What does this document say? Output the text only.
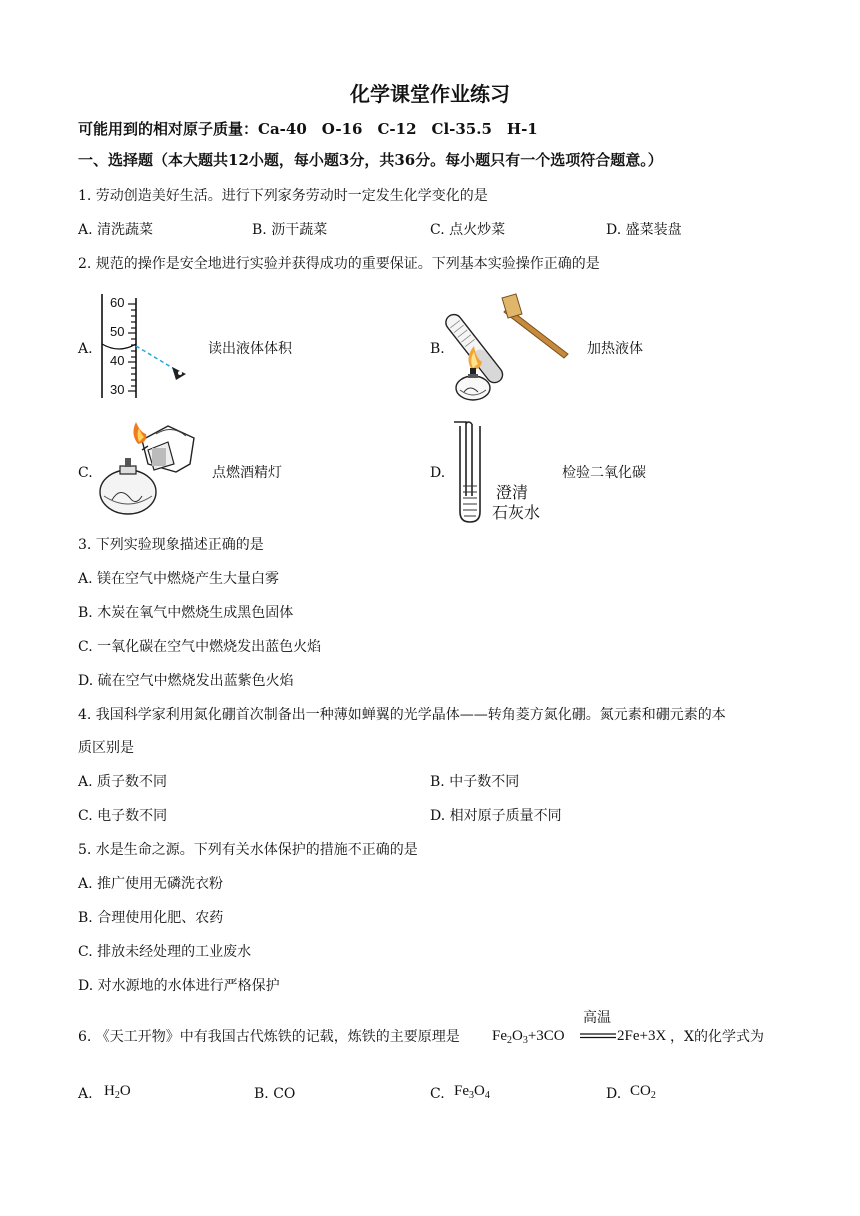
化学课堂作业练习
可能用到的相对原子质量：Ca-40　O-16　C-12　Cl-35.5　H-1
一、选择题（本大题共12小题，每小题3分，共36分。每小题只有一个选项符合题意。）
1. 劳动创造美好生活。进行下列家务劳动时一定发生化学变化的是
A. 清洗蔬菜	B. 沥干蔬菜	C. 点火炒菜	D. 盛菜装盘
2. 规范的操作是安全地进行实验并获得成功的重要保证。下列基本实验操作正确的是
A.
60
50
40
30
读出液体体积	B.	加热液体
C.	点燃酒精灯	D.
澄清
石灰水
检验二氧化碳
3. 下列实验现象描述正确的是
A. 镁在空气中燃烧产生大量白雾
B. 木炭在氧气中燃烧生成黑色固体
C. 一氧化碳在空气中燃烧发出蓝色火焰
D. 硫在空气中燃烧发出蓝紫色火焰
4. 我国科学家利用氮化硼首次制备出一种薄如蝉翼的光学晶体——转角菱方氮化硼。氮元素和硼元素的本
质区别是
A. 质子数不同	B. 中子数不同
C. 电子数不同	D. 相对原子质量不同
5. 水是生命之源。下列有关水体保护的措施不正确的是
A. 推广使用无磷洗衣粉
B. 合理使用化肥、农药
C. 排放未经处理的工业废水
D. 对水源地的水体进行严格保护
6. 《天工开物》中有我国古代炼铁的记载，炼铁的主要原理是 $Fe_2O_3+3CO$
高温
2Fe+3X ，X的化学式为
A. $H_2O$	B. CO	C. $Fe_3O_4$	D. $CO_2$
